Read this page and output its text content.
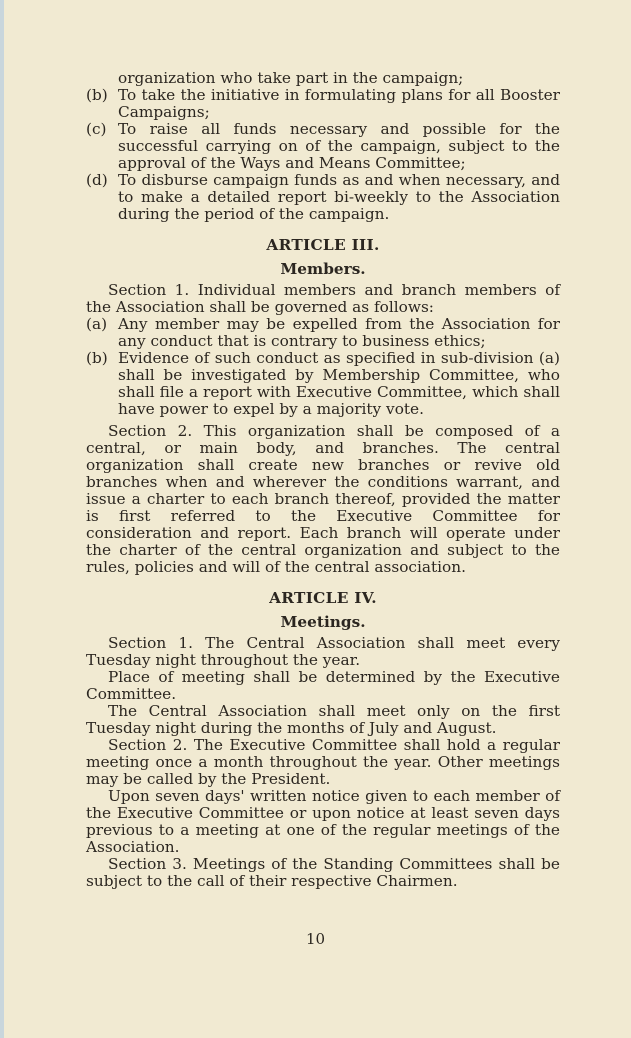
organization who take part in the campaign;

(b) To take the initiative in formulating plans for all Booster Campaigns;
(c) To raise all funds necessary and possible for the successful carrying on of the campaign, subject to the approval of the Ways and Means Committee;
(d) To disburse campaign funds as and when necessary, and to make a detailed report bi-weekly to the Association during the period of the campaign.

ARTICLE III.

Members.

Section 1. Individual members and branch members of the Association shall be governed as follows:

(a) Any member may be expelled from the Association for any conduct that is contrary to business ethics;
(b) Evidence of such conduct as specified in sub-division (a) shall be investigated by Membership Committee, who shall file a report with Executive Committee, which shall have power to expel by a majority vote.

Section 2. This organization shall be composed of a central, or main body, and branches. The central organization shall create new branches or revive old branches when and wherever the conditions warrant, and issue a charter to each branch thereof, provided the matter is first referred to the Executive Committee for consideration and report. Each branch will operate under the charter of the central organization and subject to the rules, policies and will of the central association.

ARTICLE IV.

Meetings.

Section 1. The Central Association shall meet every Tuesday night throughout the year.

Place of meeting shall be determined by the Executive Committee.

The Central Association shall meet only on the first Tuesday night during the months of July and August.

Section 2. The Executive Committee shall hold a regular meeting once a month throughout the year. Other meetings may be called by the President.

Upon seven days' written notice given to each member of the Executive Committee or upon notice at least seven days previous to a meeting at one of the regular meetings of the Association.

Section 3. Meetings of the Standing Committees shall be subject to the call of their respective Chairmen.

10
